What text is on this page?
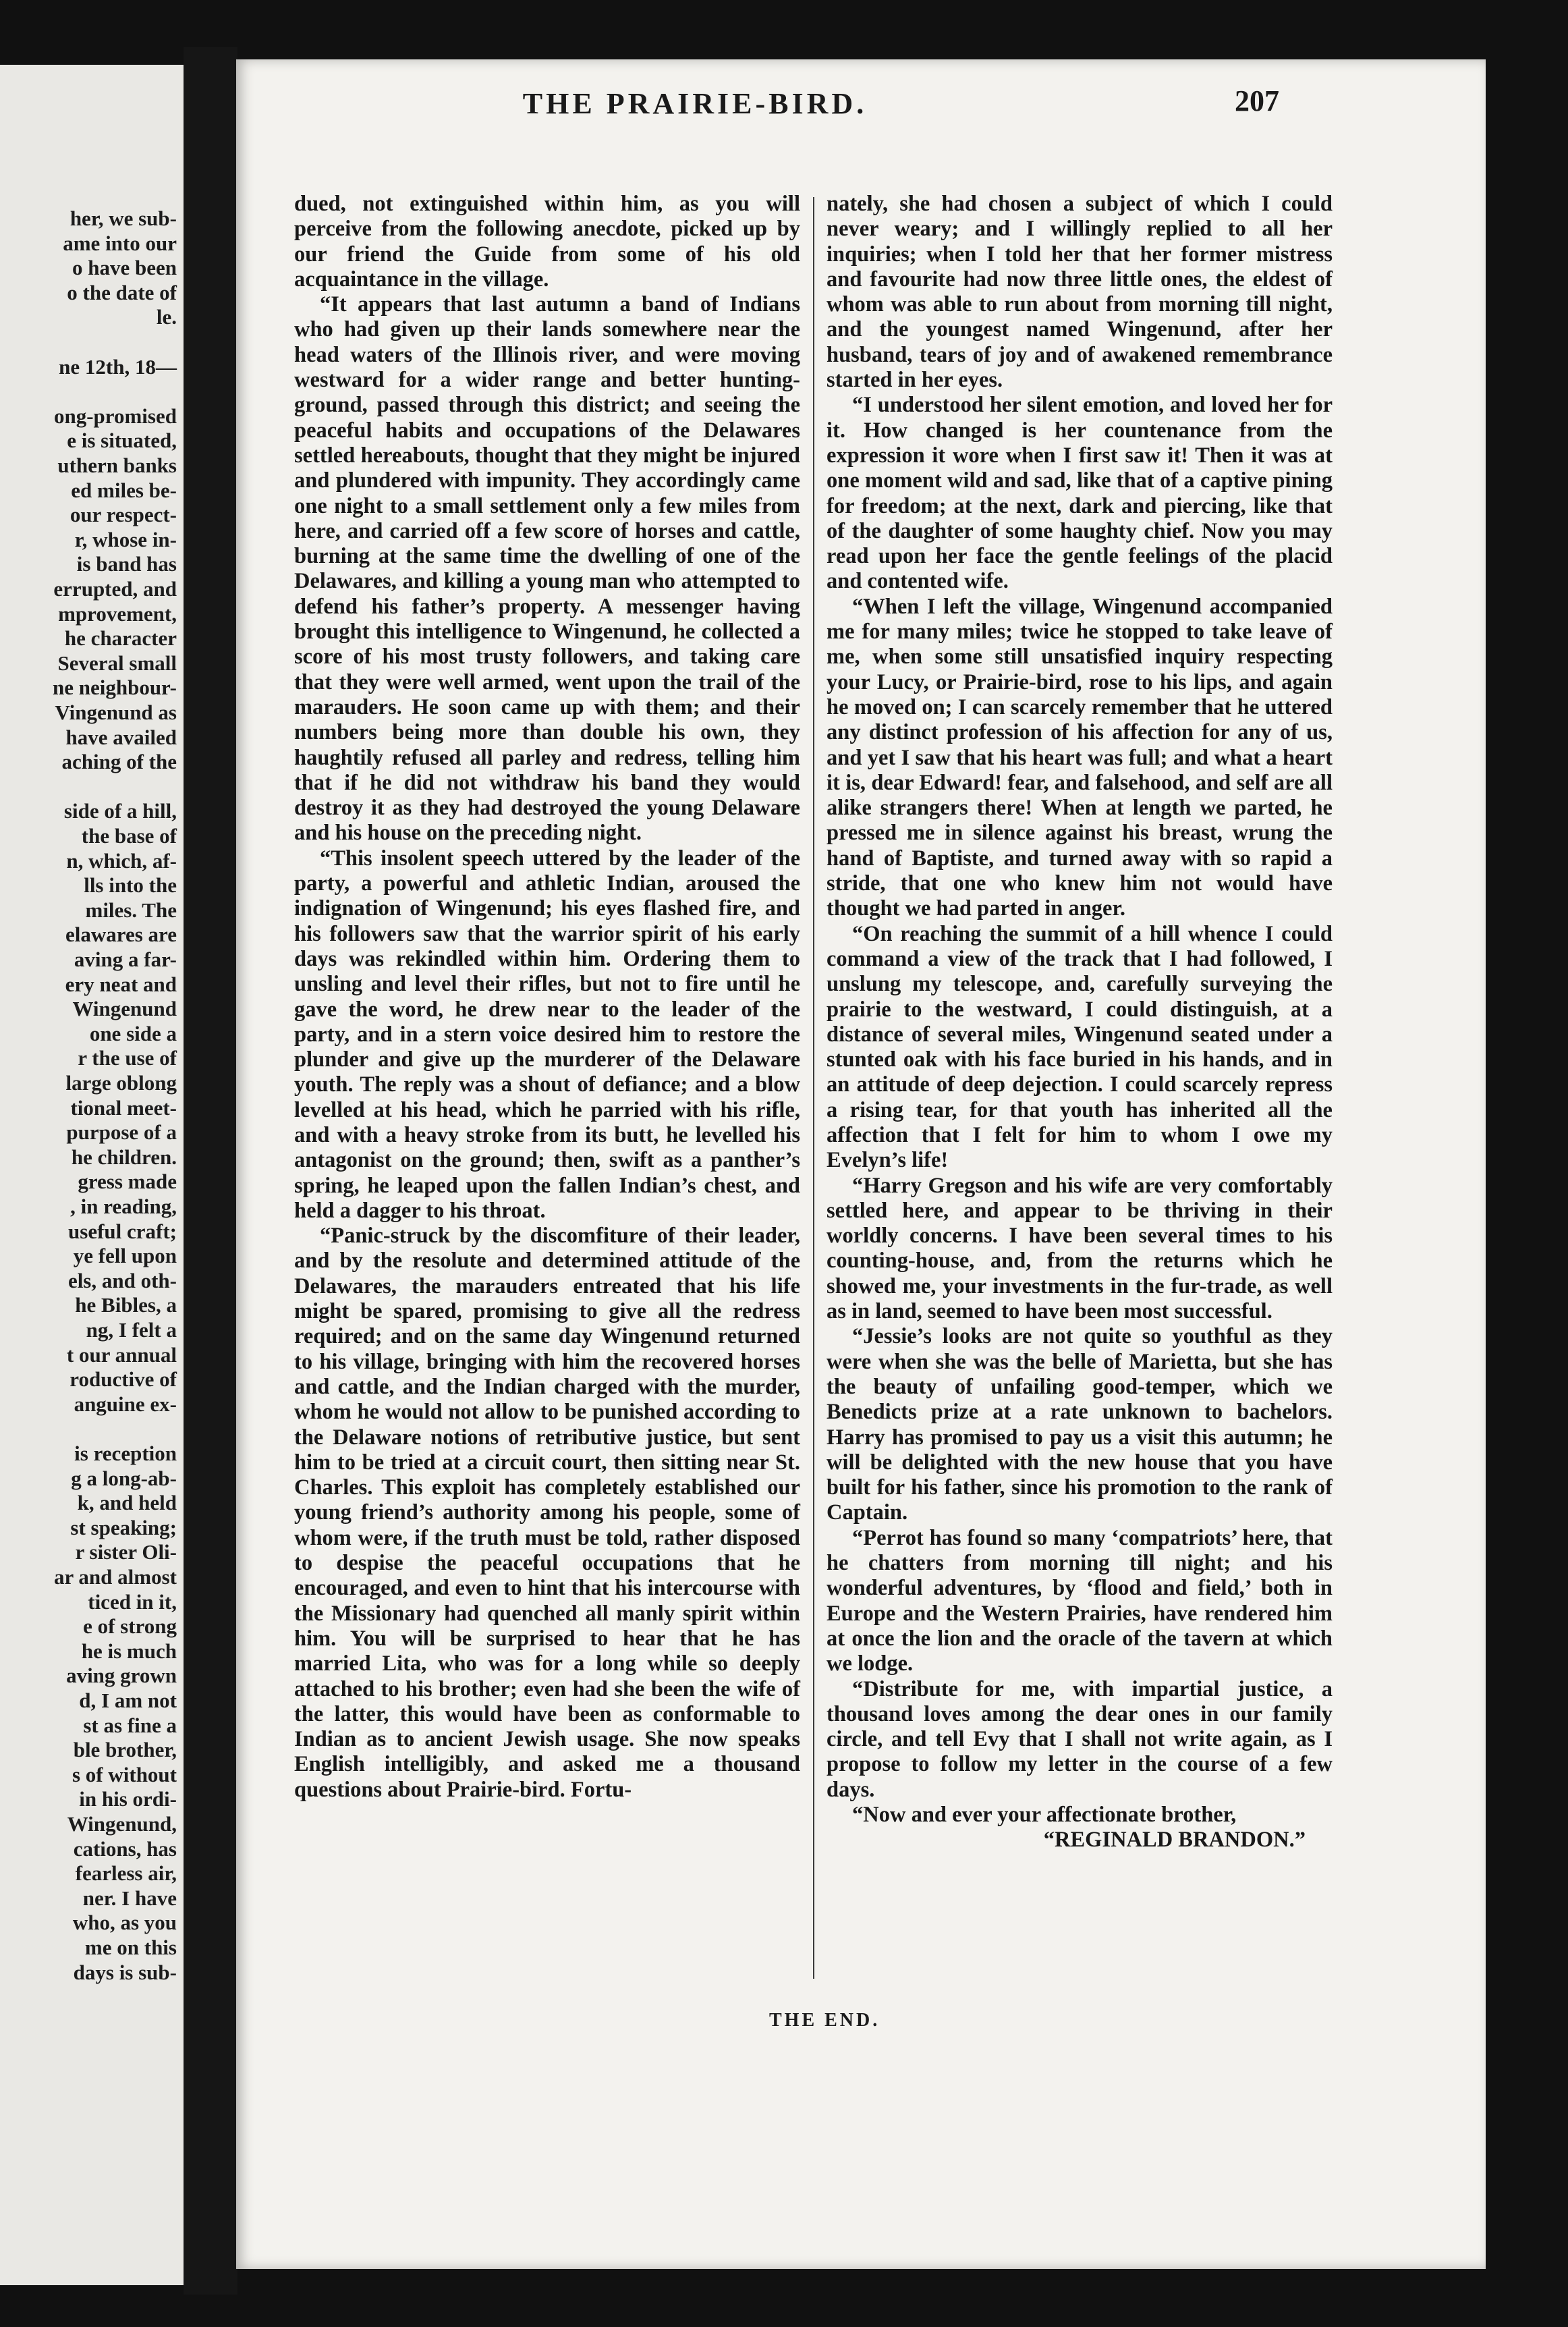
her, we sub-
ame into our
o have been
o the date of
le.
ne 12th, 18—
ong-promised
e is situated,
uthern banks
ed miles be-
our respect-
r, whose in-
is band has
errupted, and
mprovement,
he character
Several small
ne neighbour-
Vingenund as
have availed
aching of the
side of a hill,
the base of
n, which, af-
lls into the
miles. The
elawares are
aving a far-
ery neat and
Wingenund
one side a
r the use of
large oblong
tional meet-
purpose of a
he children.
gress made
, in reading,
useful craft;
ye fell upon
els, and oth-
he Bibles, a
ng, I felt a
t our annual
roductive of
anguine ex-
is reception
g a long-ab-
k, and held
st speaking;
r sister Oli-
ar and almost
ticed in it,
e of strong
he is much
aving grown
d, I am not
st as fine a
ble brother,
s of without
in his ordi-
Wingenund,
cations, has
fearless air,
ner. I have
who, as you
me on this
days is sub-
THE PRAIRIE-BIRD.	207

dued, not extinguished within him, as you will perceive from the following anecdote, picked up by our friend the Guide from some of his old acquaintance in the village.

“It appears that last autumn a band of Indians who had given up their lands somewhere near the head waters of the Illinois river, and were moving westward for a wider range and better hunting-ground, passed through this district; and seeing the peaceful habits and occupations of the Delawares settled hereabouts, thought that they might be injured and plundered with impunity. They accordingly came one night to a small settlement only a few miles from here, and carried off a few score of horses and cattle, burning at the same time the dwelling of one of the Delawares, and killing a young man who attempted to defend his father’s property. A messenger having brought this intelligence to Wingenund, he collected a score of his most trusty followers, and taking care that they were well armed, went upon the trail of the marauders. He soon came up with them; and their numbers being more than double his own, they haughtily refused all parley and redress, telling him that if he did not withdraw his band they would destroy it as they had destroyed the young Delaware and his house on the preceding night.

“This insolent speech uttered by the leader of the party, a powerful and athletic Indian, aroused the indignation of Wingenund; his eyes flashed fire, and his followers saw that the warrior spirit of his early days was rekindled within him. Ordering them to unsling and level their rifles, but not to fire until he gave the word, he drew near to the leader of the party, and in a stern voice desired him to restore the plunder and give up the murderer of the Delaware youth. The reply was a shout of defiance; and a blow levelled at his head, which he parried with his rifle, and with a heavy stroke from its butt, he levelled his antagonist on the ground; then, swift as a panther’s spring, he leaped upon the fallen Indian’s chest, and held a dagger to his throat.

“Panic-struck by the discomfiture of their leader, and by the resolute and determined attitude of the Delawares, the marauders entreated that his life might be spared, promising to give all the redress required; and on the same day Wingenund returned to his village, bringing with him the recovered horses and cattle, and the Indian charged with the murder, whom he would not allow to be punished according to the Delaware notions of retributive justice, but sent him to be tried at a circuit court, then sitting near St. Charles. This exploit has completely established our young friend’s authority among his people, some of whom were, if the truth must be told, rather disposed to despise the peaceful occupations that he encouraged, and even to hint that his intercourse with the Missionary had quenched all manly spirit within him. You will be surprised to hear that he has married Lita, who was for a long while so deeply attached to his brother; even had she been the wife of the latter, this would have been as conformable to Indian as to ancient Jewish usage. She now speaks English intelligibly, and asked me a thousand questions about Prairie-bird. Fortu-

nately, she had chosen a subject of which I could never weary; and I willingly replied to all her inquiries; when I told her that her former mistress and favourite had now three little ones, the eldest of whom was able to run about from morning till night, and the youngest named Wingenund, after her husband, tears of joy and of awakened remembrance started in her eyes.

“I understood her silent emotion, and loved her for it. How changed is her countenance from the expression it wore when I first saw it! Then it was at one moment wild and sad, like that of a captive pining for freedom; at the next, dark and piercing, like that of the daughter of some haughty chief. Now you may read upon her face the gentle feelings of the placid and contented wife.

“When I left the village, Wingenund accompanied me for many miles; twice he stopped to take leave of me, when some still unsatisfied inquiry respecting your Lucy, or Prairie-bird, rose to his lips, and again he moved on; I can scarcely remember that he uttered any distinct profession of his affection for any of us, and yet I saw that his heart was full; and what a heart it is, dear Edward! fear, and falsehood, and self are all alike strangers there! When at length we parted, he pressed me in silence against his breast, wrung the hand of Baptiste, and turned away with so rapid a stride, that one who knew him not would have thought we had parted in anger.

“On reaching the summit of a hill whence I could command a view of the track that I had followed, I unslung my telescope, and, carefully surveying the prairie to the westward, I could distinguish, at a distance of several miles, Wingenund seated under a stunted oak with his face buried in his hands, and in an attitude of deep dejection. I could scarcely repress a rising tear, for that youth has inherited all the affection that I felt for him to whom I owe my Evelyn’s life!

“Harry Gregson and his wife are very comfortably settled here, and appear to be thriving in their worldly concerns. I have been several times to his counting-house, and, from the returns which he showed me, your investments in the fur-trade, as well as in land, seemed to have been most successful.

“Jessie’s looks are not quite so youthful as they were when she was the belle of Marietta, but she has the beauty of unfailing good-temper, which we Benedicts prize at a rate unknown to bachelors. Harry has promised to pay us a visit this autumn; he will be delighted with the new house that you have built for his father, since his promotion to the rank of Captain.

“Perrot has found so many ‘compatriots’ here, that he chatters from morning till night; and his wonderful adventures, by ‘flood and field,’ both in Europe and the Western Prairies, have rendered him at once the lion and the oracle of the tavern at which we lodge.

“Distribute for me, with impartial justice, a thousand loves among the dear ones in our family circle, and tell Evy that I shall not write again, as I propose to follow my letter in the course of a few days.

“Now and ever your affectionate brother,

“REGINALD BRANDON.”

THE END.
